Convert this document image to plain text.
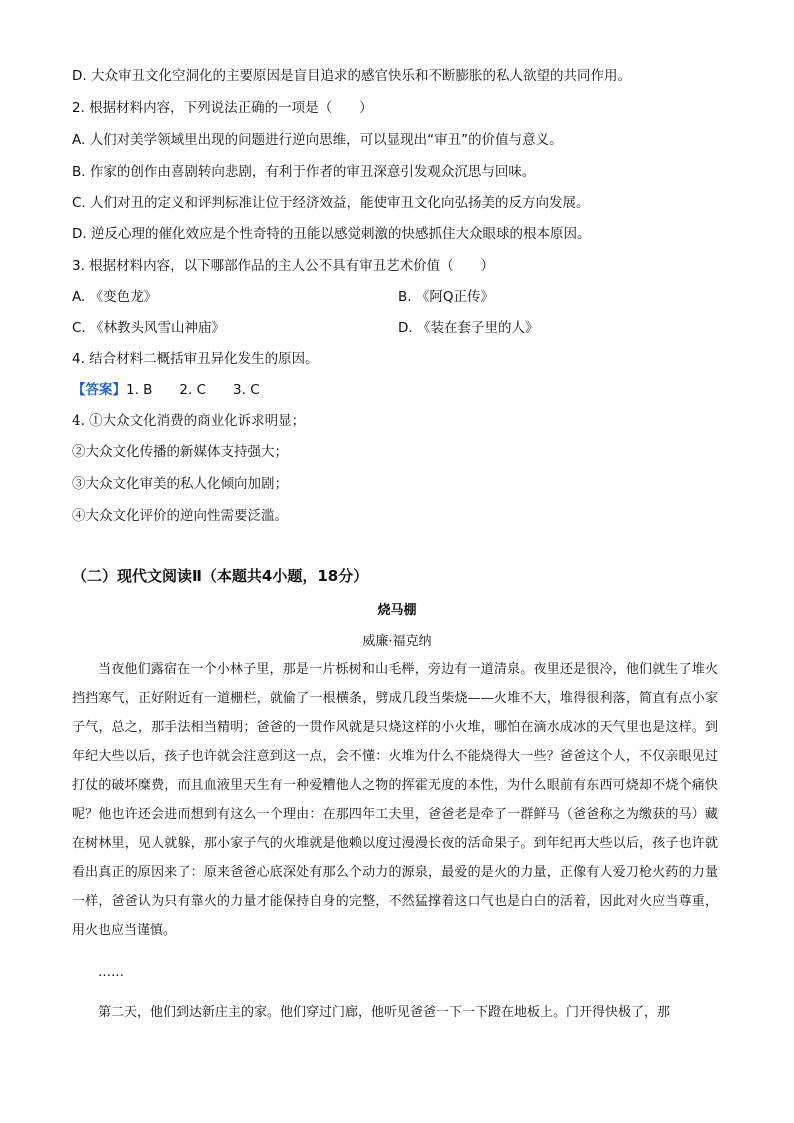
D. 大众审丑文化空洞化的主要原因是盲目追求的感官快乐和不断膨胀的私人欲望的共同作用。
2. 根据材料内容，下列说法正确的一项是（　　）
A. 人们对美学领域里出现的问题进行逆向思维，可以显现出“审丑”的价值与意义。
B. 作家的创作由喜剧转向悲剧，有利于作者的审丑深意引发观众沉思与回味。
C. 人们对丑的定义和评判标准让位于经济效益，能使审丑文化向弘扬美的反方向发展。
D. 逆反心理的催化效应是个性奇特的丑能以感觉刺激的快感抓住大众眼球的根本原因。
3. 根据材料内容，以下哪部作品的主人公不具有审丑艺术价值（　　）
A. 《变色龙》	B. 《阿Q正传》
C. 《林教头风雪山神庙》	D. 《装在套子里的人》
4. 结合材料二概括审丑异化发生的原因。
【答案】1. B　　2. C　　3. C
4. ①大众文化消费的商业化诉求明显；
②大众文化传播的新媒体支持强大；
③大众文化审美的私人化倾向加剧；
④大众文化评价的逆向性需要泛滥。
（二）现代文阅读Ⅱ（本题共4小题，18分）
烧马棚
威廉·福克纳
当夜他们露宿在一个小林子里，那是一片栎树和山毛榉，旁边有一道清泉。夜里还是很冷，他们就生了堆火挡挡寒气，正好附近有一道栅栏，就偷了一根横条，劈成几段当柴烧——火堆不大，堆得很利落，简直有点小家子气，总之，那手法相当精明；爸爸的一贯作风就是只烧这样的小火堆，哪怕在滴水成冰的天气里也是这样。到年纪大些以后，孩子也许就会注意到这一点，会不懂：火堆为什么不能烧得大一些？爸爸这个人，不仅亲眼见过打仗的破坏糜费，而且血液里天生有一种爱糟他人之物的挥霍无度的本性，为什么眼前有东西可烧却不烧个痛快呢？他也许还会进而想到有这么一个理由：在那四年工夫里，爸爸老是牵了一群鲜马（爸爸称之为缴获的马）藏在树林里，见人就躲，那小家子气的火堆就是他赖以度过漫漫长夜的活命果子。到年纪再大些以后，孩子也许就看出真正的原因来了：原来爸爸心底深处有那么个动力的源泉，最爱的是火的力量，正像有人爱刀枪火药的力量一样，爸爸认为只有靠火的力量才能保持自身的完整，不然猛撑着这口气也是白白的活着，因此对火应当尊重，用火也应当谨慎。
……
第二天，他们到达新庄主的家。他们穿过门廊，他听见爸爸一下一下蹬在地板上。门开得快极了，那
